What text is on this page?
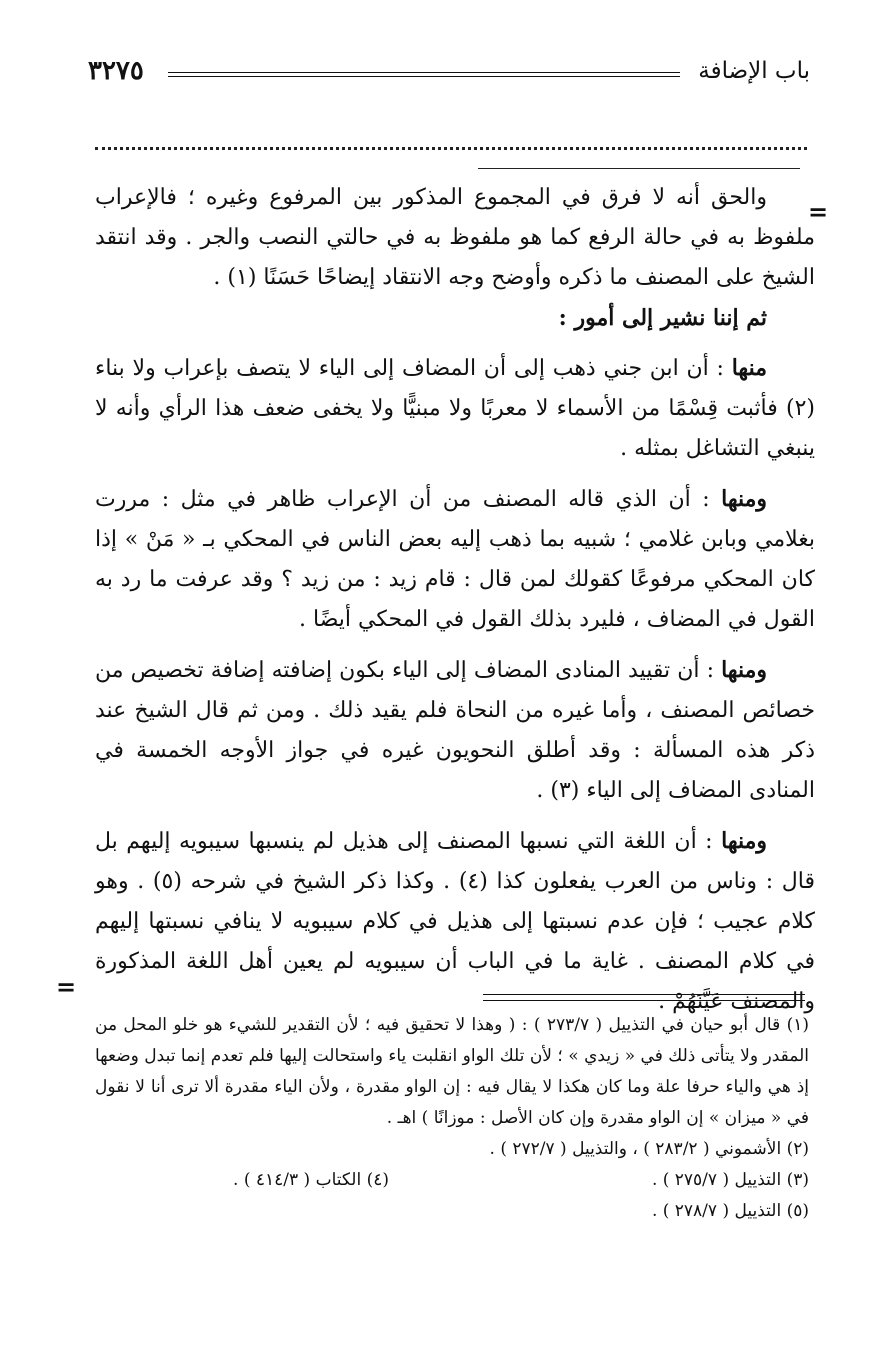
باب الإضافة
٣٢٧٥
=

والحق أنه لا فرق في المجموع المذكور بين المرفوع وغيره ؛ فالإعراب ملفوظ به في حالة الرفع كما هو ملفوظ به في حالتي النصب والجر . وقد انتقد الشيخ على المصنف ما ذكره وأوضح وجه الانتقاد إيضاحًا حَسَنًا (١) .

ثم إننا نشير إلى أمور :

منها : أن ابن جني ذهب إلى أن المضاف إلى الياء لا يتصف بإعراب ولا بناء (٢) فأثبت قِسْمًا من الأسماء لا معربًا ولا مبنيًّا ولا يخفى ضعف هذا الرأي وأنه لا ينبغي التشاغل بمثله .

ومنها : أن الذي قاله المصنف من أن الإعراب ظاهر في مثل : مررت بغلامي وبابن غلامي ؛ شبيه بما ذهب إليه بعض الناس في المحكي بـ « مَنْ » إذا كان المحكي مرفوعًا كقولك لمن قال : قام زيد : من زيد ؟ وقد عرفت ما رد به القول في المضاف ، فليرد بذلك القول في المحكي أيضًا .

ومنها : أن تقييد المنادى المضاف إلى الياء بكون إضافته إضافة تخصيص من خصائص المصنف ، وأما غيره من النحاة فلم يقيد ذلك . ومن ثم قال الشيخ عند ذكر هذه المسألة : وقد أطلق النحويون غيره في جواز الأوجه الخمسة في المنادى المضاف إلى الياء (٣) .

ومنها : أن اللغة التي نسبها المصنف إلى هذيل لم ينسبها سيبويه إليهم بل قال : وناس من العرب يفعلون كذا (٤) . وكذا ذكر الشيخ في شرحه (٥) . وهو كلام عجيب ؛ فإن عدم نسبتها إلى هذيل في كلام سيبويه لا ينافي نسبتها إليهم في كلام المصنف . غاية ما في الباب أن سيبويه لم يعين أهل اللغة المذكورة والمصنف عَيَّنَهُمْ .

=

(١) قال أبو حيان في التذييل ( ٢٧٣/٧ ) : ( وهذا لا تحقيق فيه ؛ لأن التقدير للشيء هو خلو المحل من المقدر ولا يتأتى ذلك في « زيدي » ؛ لأن تلك الواو انقلبت ياء واستحالت إليها فلم تعدم إنما تبدل وضعها إذ هي والياء حرفا علة وما كان هكذا لا يقال فيه : إن الواو مقدرة ، ولأن الياء مقدرة ألا ترى أنا لا نقول في « ميزان » إن الواو مقدرة وإن كان الأصل : موزانًا ) اهـ .

(٢) الأشموني ( ٢٨٣/٢ ) ، والتذييل ( ٢٧٢/٧ ) .

(٣) التذييل ( ٢٧٥/٧ ) .
(٤) الكتاب ( ٤١٤/٣ ) .

(٥) التذييل ( ٢٧٨/٧ ) .
